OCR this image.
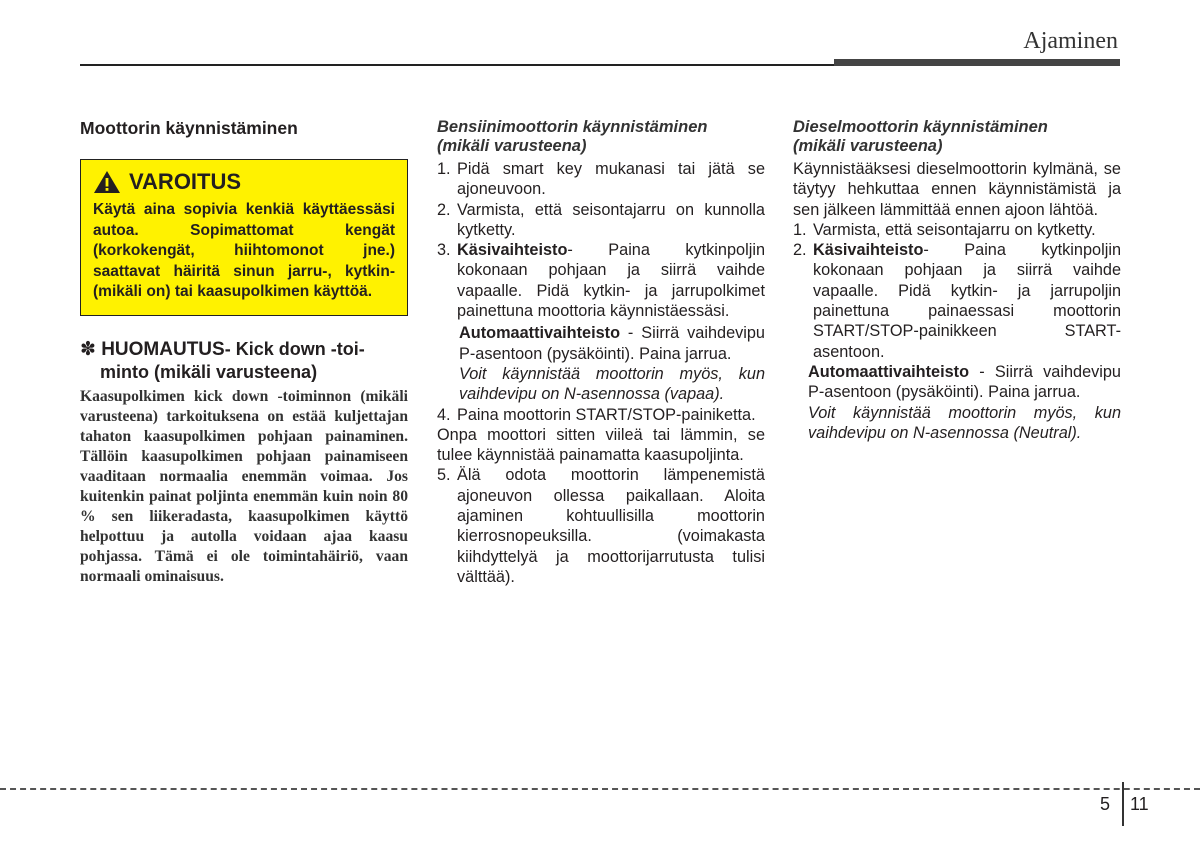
Ajaminen
Moottorin käynnistäminen
VAROITUS
Käytä aina sopivia kenkiä käyttäessäsi autoa. Sopimattomat kengät (korkokengät, hiihtomonot jne.) saattavat häiritä sinun jarru-, kytkin- (mikäli on) tai kaasupolkimen käyttöä.
✽ HUOMAUTUS- Kick down -toi-
minto (mikäli varusteena)
Kaasupolkimen kick down -toiminnon (mikäli varusteena) tarkoituksena on estää kuljettajan tahaton kaasupolkimen pohjaan painaminen. Tällöin kaasupolkimen pohjaan painamiseen vaaditaan normaalia enemmän voimaa. Jos kuitenkin painat poljinta enemmän kuin noin 80 % sen liikeradasta, kaasupolkimen käyttö helpottuu ja autolla voidaan ajaa kaasu pohjassa. Tämä ei ole toimintahäiriö, vaan normaali ominaisuus.
Bensiinimoottorin käynnistäminen
(mikäli varusteena)
1. Pidä smart key mukanasi tai jätä se ajoneuvoon.
2. Varmista, että seisontajarru on kunnolla kytketty.
3. Käsivaihteisto- Paina kytkinpoljin kokonaan pohjaan ja siirrä vaihde vapaalle. Pidä kytkin- ja jarrupolkimet painettuna moottoria käynnistäessäsi.

Automaattivaihteisto - Siirrä vaihdevipu P-asentoon (pysäköinti). Paina jarrua.

Voit käynnistää moottorin myös, kun vaihdevipu on N-asennossa (vapaa).

4. Paina moottorin START/STOP-painiketta.

Onpa moottori sitten viileä tai lämmin, se tulee käynnistää painamatta kaasupoljinta.

5. Älä odota moottorin lämpenemistä ajoneuvon ollessa paikallaan. Aloita ajaminen kohtuullisilla moottorin kierrosnopeuksilla. (voimakasta kiihdyttelyä ja moottorijarrutusta tulisi välttää).
Dieselmoottorin käynnistäminen
(mikäli varusteena)

Käynnistääksesi dieselmoottorin kylmänä, se täytyy hehkuttaa ennen käynnistämistä ja sen jälkeen lämmittää ennen ajoon lähtöä.

1. Varmista, että seisontajarru on kytketty.
2. Käsivaihteisto- Paina kytkinpoljin kokonaan pohjaan ja siirrä vaihde vapaalle. Pidä kytkin- ja jarrupoljin painettuna painaessasi moottorin START/STOP-painikkeen START-asentoon.

Automaattivaihteisto - Siirrä vaihdevipu P-asentoon (pysäköinti). Paina jarrua.

Voit käynnistää moottorin myös, kun vaihdevipu on N-asennossa (Neutral).

5 11
